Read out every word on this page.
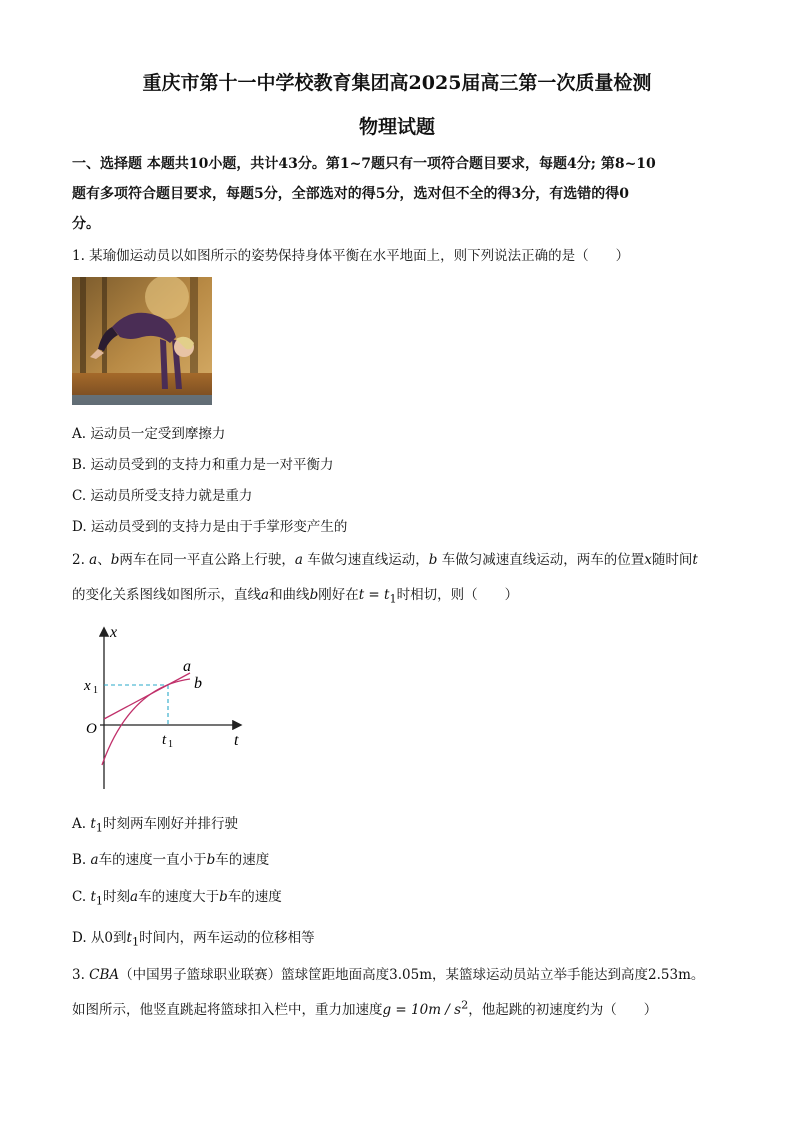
重庆市第十一中学校教育集团高2025届高三第一次质量检测
物理试题
一、选择题 本题共10小题，共计43分。第1~7题只有一项符合题目要求，每题4分; 第8~10
题有多项符合题目要求，每题5分，全部选对的得5分，选对但不全的得3分，有选错的得0
分。
1. 某瑜伽运动员以如图所示的姿势保持身体平衡在水平地面上，则下列说法正确的是（　　）
A. 运动员一定受到摩擦力
B. 运动员受到的支持力和重力是一对平衡力
C. 运动员所受支持力就是重力
D. 运动员受到的支持力是由于手掌形变产生的
2. a、b两车在同一平直公路上行驶，a 车做匀速直线运动，b 车做匀减速直线运动，两车的位置x随时间t
的变化关系图线如图所示，直线a和曲线b刚好在$t = t_1$时相切，则（　　）
x
t
O
x 1
t 1
a
b
A. $t_1$时刻两车刚好并排行驶
B. a车的速度一直小于b车的速度
C. $t_1$时刻a车的速度大于b车的速度
D. 从0到$t_1$时间内，两车运动的位移相等
3. CBA（中国男子篮球职业联赛）篮球筐距地面高度3.05m，某篮球运动员站立举手能达到高度2.53m。
如图所示，他竖直跳起将篮球扣入栏中，重力加速度$g = 10m / s^2$，他起跳的初速度约为（　　）
